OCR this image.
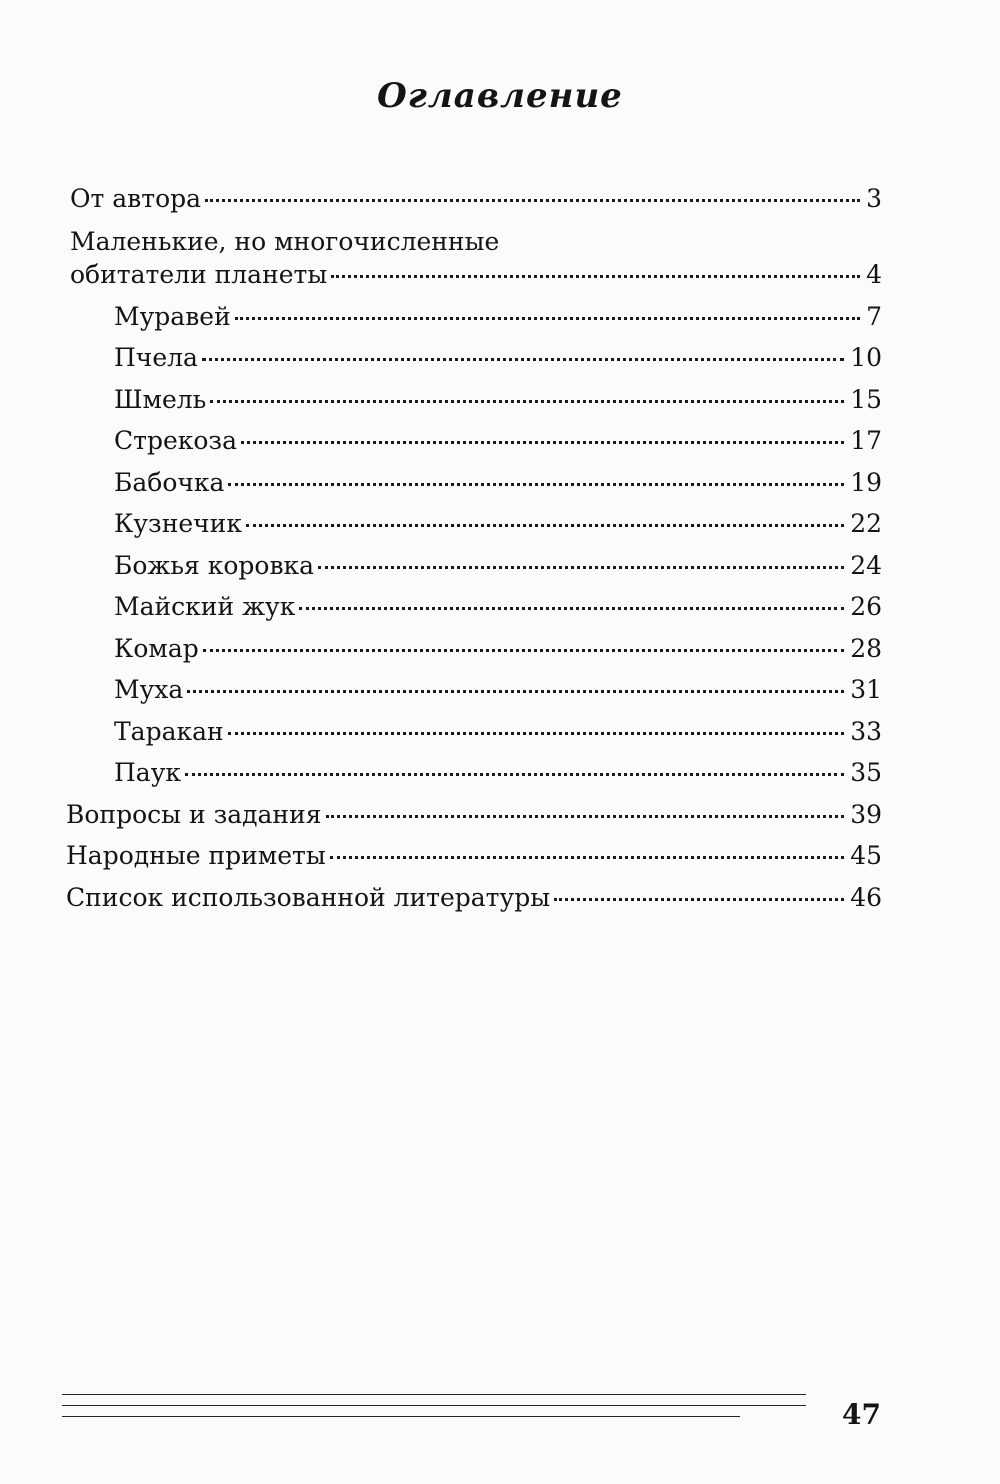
Оглавление
От автора	3
Маленькие, но многочисленные
обитатели планеты	4
Муравей	7
Пчела	10
Шмель	15
Стрекоза	17
Бабочка	19
Кузнечик	22
Божья коровка	24
Майский жук	26
Комар	28
Муха	31
Таракан	33
Паук	35
Вопросы и задания	39
Народные приметы	45
Список использованной литературы	46
47
